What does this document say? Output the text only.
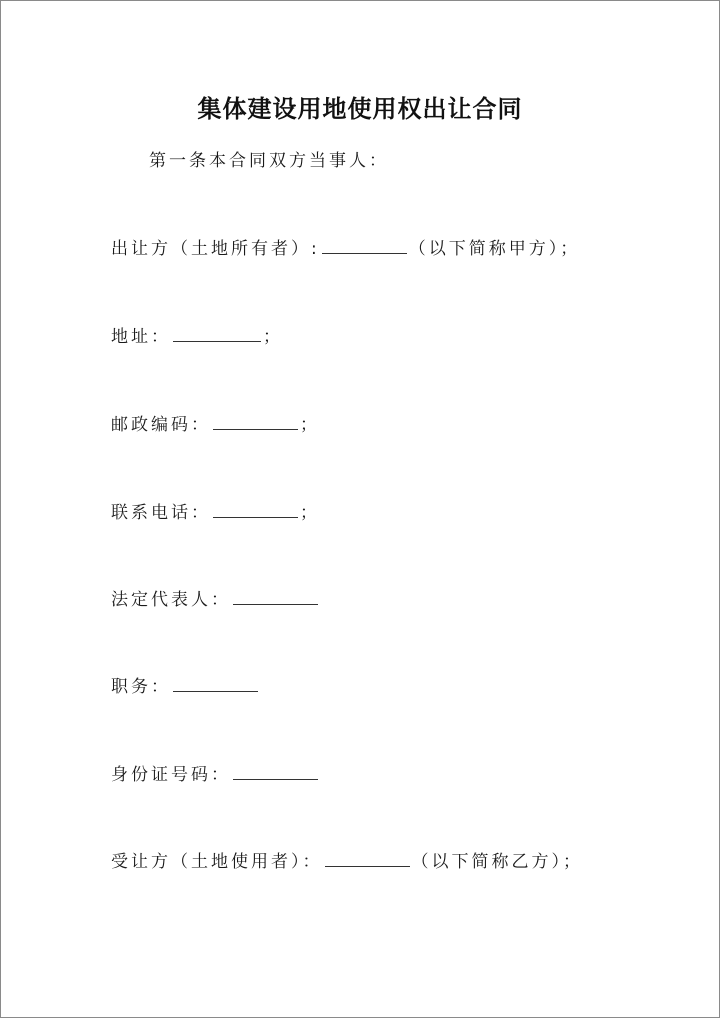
集体建设用地使用权出让合同
第一条本合同双方当事人：
出让方（土地所有者）:	（以下简称甲方）；
地址：	；
邮政编码：	；
联系电话：	；
法定代表人：
职务：
身份证号码：
受让方（土地使用者）：	（以下简称乙方）；
